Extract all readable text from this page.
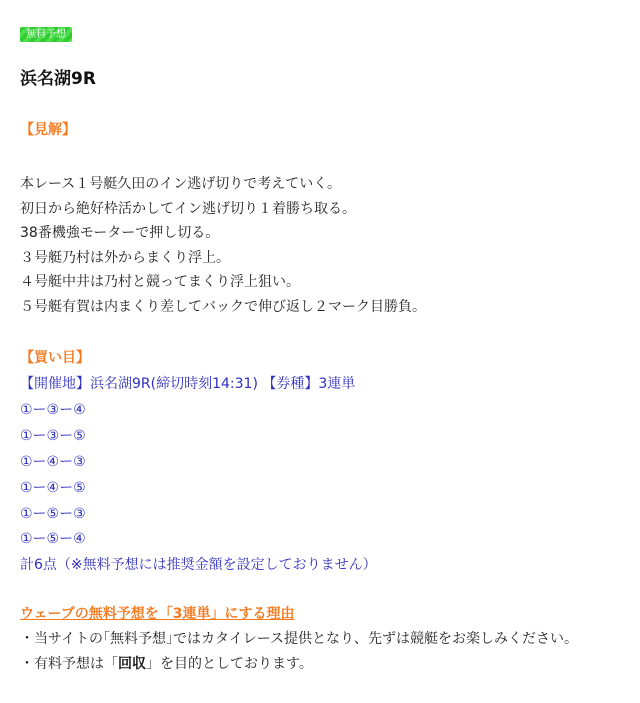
無料予想
浜名湖9R
【見解】
本レース１号艇久田のイン逃げ切りで考えていく。
初日から絶好枠活かしてイン逃げ切り１着勝ち取る。
38番機強モーターで押し切る。
３号艇乃村は外からまくり浮上。
４号艇中井は乃村と競ってまくり浮上狙い。
５号艇有賀は内まくり差してバックで伸び返し２マーク目勝負。
【買い目】
【開催地】浜名湖9R(締切時刻14:31) 【券種】3連単
①ー③ー④
①ー③ー⑤
①ー④ー③
①ー④ー⑤
①ー⑤ー③
①ー⑤ー④
計6点（※無料予想には推奨金額を設定しておりません）
ウェーブの無料予想を「3連単」にする理由
・当サイトの｢無料予想｣ではカタイレース提供となり、先ずは競艇をお楽しみください。
・有料予想は「回収」を目的としております。
